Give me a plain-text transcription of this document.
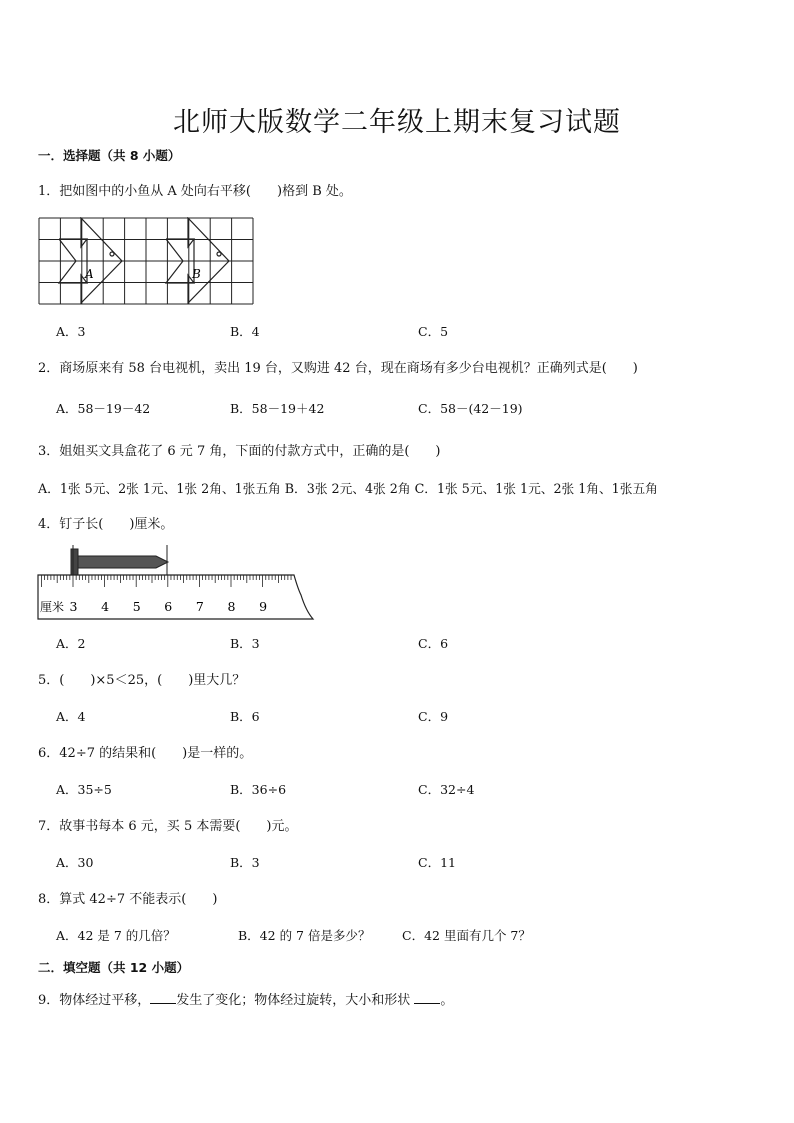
北师大版数学二年级上期末复习试题
一．选择题（共 8 小题）
1．把如图中的小鱼从 A 处向右平移(　　)格到 B 处。
A	B
A．3	B．4	C．5
2．商场原来有 58 台电视机，卖出 19 台，又购进 42 台，现在商场有多少台电视机？正确列式是(　　)
A．58－19－42	B．58－19＋42	C．58－(42－19)
3．姐姐买文具盒花了 6 元 7 角，下面的付款方式中，正确的是(　　)
A．1张 5元、2张 1元、1张 2角、1张五角 B．3张 2元、4张 2角 C．1张 5元、1张 1元、2张 1角、1张五角
4．钉子长(　　)厘米。
厘米 3 4 5 6 7 8 9
A．2	B．3	C．6
5．(　　)×5＜25，(　　)里大几？
A．4	B．6	C．9
6．42÷7 的结果和(　　)是一样的。
A．35÷5	B．36÷6	C．32÷4
7．故事书每本 6 元，买 5 本需要(　　)元。
A．30	B．3	C．11
8．算式 42÷7 不能表示(　　)
A．42 是 7 的几倍？	B．42 的 7 倍是多少？	C．42 里面有几个 7？
二．填空题（共 12 小题）
9．物体经过平移， 发生了变化；物体经过旋转，大小和形状 。
